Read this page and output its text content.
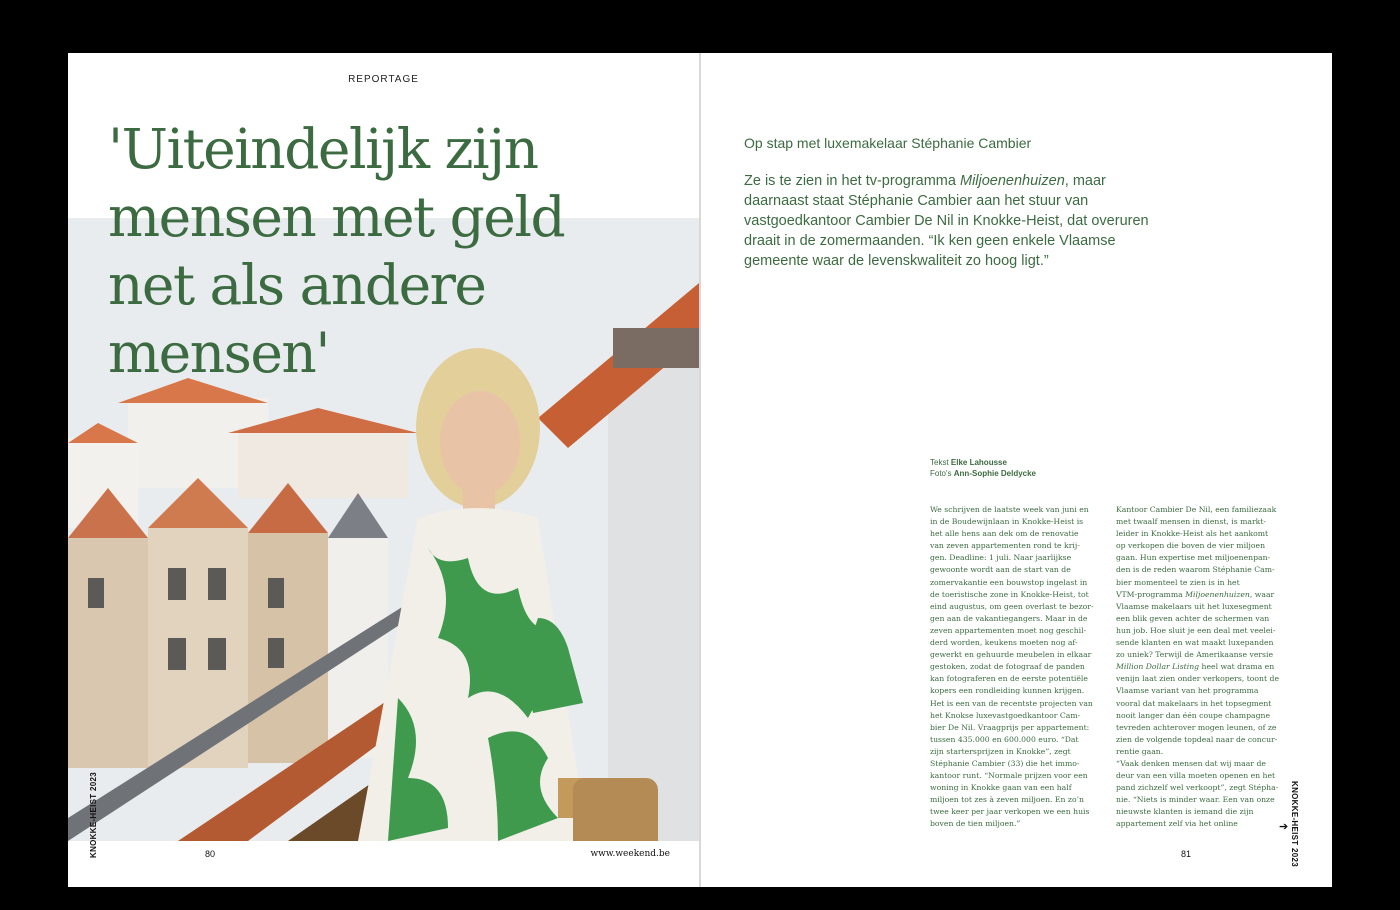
REPORTAGE
'Uiteindelijk zijn
mensen met geld
net als andere
mensen'
KNOKKE-HEIST 2023	80	www.weekend.be
Op stap met luxemakelaar Stéphanie Cambier

Ze is te zien in het tv-programma Miljoenenhuizen, maar daarnaast staat Stéphanie Cambier aan het stuur van vastgoedkantoor Cambier De Nil in Knokke-Heist, dat overuren draait in de zomermaanden. “Ik ken geen enkele Vlaamse gemeente waar de levenskwaliteit zo hoog ligt.”

Tekst Elke Lahousse
Foto's Ann-Sophie Deldycke
We schrijven de laatste week van juni en
in de Boudewijnlaan in Knokke-Heist is
het alle hens aan dek om de renovatie
van zeven appartementen rond te krij-
gen. Deadline: 1 juli. Naar jaarlijkse
gewoonte wordt aan de start van de
zomervakantie een bouwstop ingelast in
de toeristische zone in Knokke-Heist, tot
eind augustus, om geen overlast te bezor-
gen aan de vakantiegangers. Maar in de
zeven appartementen moet nog geschil-
derd worden, keukens moeten nog af-
gewerkt en gehuurde meubelen in elkaar
gestoken, zodat de fotograaf de panden
kan fotograferen en de eerste potentiële
kopers een rondleiding kunnen krijgen.
Het is een van de recentste projecten van
het Knokse luxevastgoedkantoor Cam-
bier De Nil. Vraagprijs per appartement:
tussen 435.000 en 600.000 euro. “Dat
zijn startersprijzen in Knokke”, zegt
Stéphanie Cambier (33) die het immo-
kantoor runt. “Normale prijzen voor een
woning in Knokke gaan van een half
miljoen tot zes à zeven miljoen. En zo’n
twee keer per jaar verkopen we een huis
boven de tien miljoen.”
Kantoor Cambier De Nil, een familiezaak
met twaalf mensen in dienst, is markt-
leider in Knokke-Heist als het aankomt
op verkopen die boven de vier miljoen
gaan. Hun expertise met miljoenenpan-
den is de reden waarom Stéphanie Cam-
bier momenteel te zien is in het
VTM-programma Miljoenenhuizen, waar
Vlaamse makelaars uit het luxesegment
een blik geven achter de schermen van
hun job. Hoe sluit je een deal met veelei-
sende klanten en wat maakt luxepanden
zo uniek? Terwijl de Amerikaanse versie
Million Dollar Listing heel wat drama en
venijn laat zien onder verkopers, toont de
Vlaamse variant van het programma
vooral dat makelaars in het topsegment
nooit langer dan één coupe champagne
tevreden achterover mogen leunen, of ze
zien de volgende topdeal naar de concur-
rentie gaan.
“Vaak denken mensen dat wij maar de
deur van een villa moeten openen en het
pand zichzelf wel verkoopt”, zegt Stépha-
nie. “Niets is minder waar. Een van onze
nieuwste klanten is iemand die zijn
appartement zelf via het online	➔
81	KNOKKE-HEIST 2023
